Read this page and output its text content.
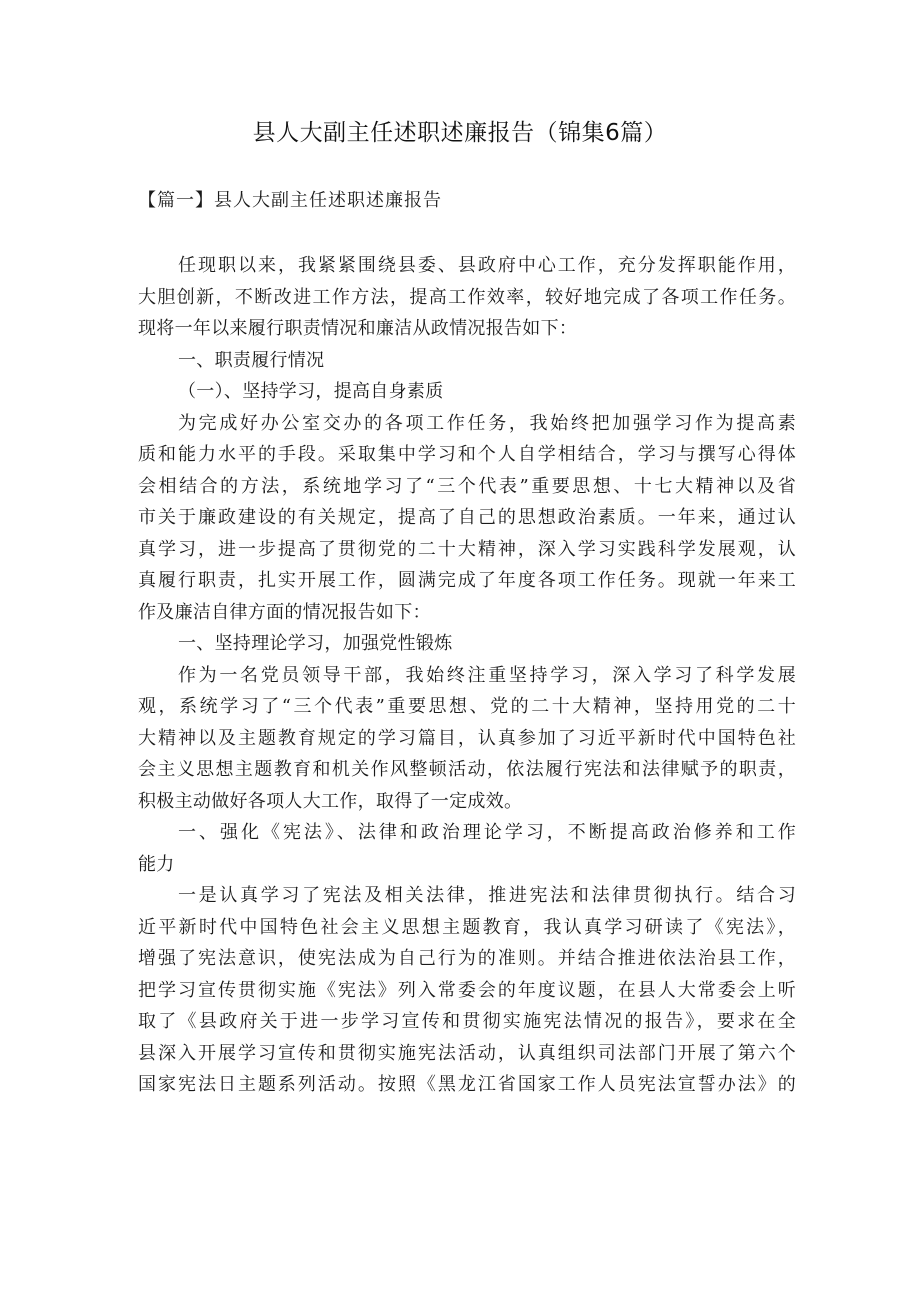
县人大副主任述职述廉报告（锦集6篇）

【篇一】县人大副主任述职述廉报告

任现职以来，我紧紧围绕县委、县政府中心工作，充分发挥职能作用，
大胆创新，不断改进工作方法，提高工作效率，较好地完成了各项工作任务。
现将一年以来履行职责情况和廉洁从政情况报告如下：
一、职责履行情况
（一）、坚持学习，提高自身素质
为完成好办公室交办的各项工作任务，我始终把加强学习作为提高素
质和能力水平的手段。采取集中学习和个人自学相结合，学习与撰写心得体
会相结合的方法，系统地学习了“三个代表”重要思想、十七大精神以及省
市关于廉政建设的有关规定，提高了自己的思想政治素质。一年来，通过认
真学习，进一步提高了贯彻党的二十大精神，深入学习实践科学发展观，认
真履行职责，扎实开展工作，圆满完成了年度各项工作任务。现就一年来工
作及廉洁自律方面的情况报告如下：
一、坚持理论学习，加强党性锻炼
作为一名党员领导干部，我始终注重坚持学习，深入学习了科学发展
观，系统学习了“三个代表”重要思想、党的二十大精神，坚持用党的二十
大精神以及主题教育规定的学习篇目，认真参加了习近平新时代中国特色社
会主义思想主题教育和机关作风整顿活动，依法履行宪法和法律赋予的职责，
积极主动做好各项人大工作，取得了一定成效。
一、强化《宪法》、法律和政治理论学习，不断提高政治修养和工作
能力
一是认真学习了宪法及相关法律，推进宪法和法律贯彻执行。结合习
近平新时代中国特色社会主义思想主题教育，我认真学习研读了《宪法》，
增强了宪法意识，使宪法成为自己行为的准则。并结合推进依法治县工作，
把学习宣传贯彻实施《宪法》列入常委会的年度议题，在县人大常委会上听
取了《县政府关于进一步学习宣传和贯彻实施宪法情况的报告》，要求在全
县深入开展学习宣传和贯彻实施宪法活动，认真组织司法部门开展了第六个
国家宪法日主题系列活动。按照《黑龙江省国家工作人员宪法宣誓办法》的
